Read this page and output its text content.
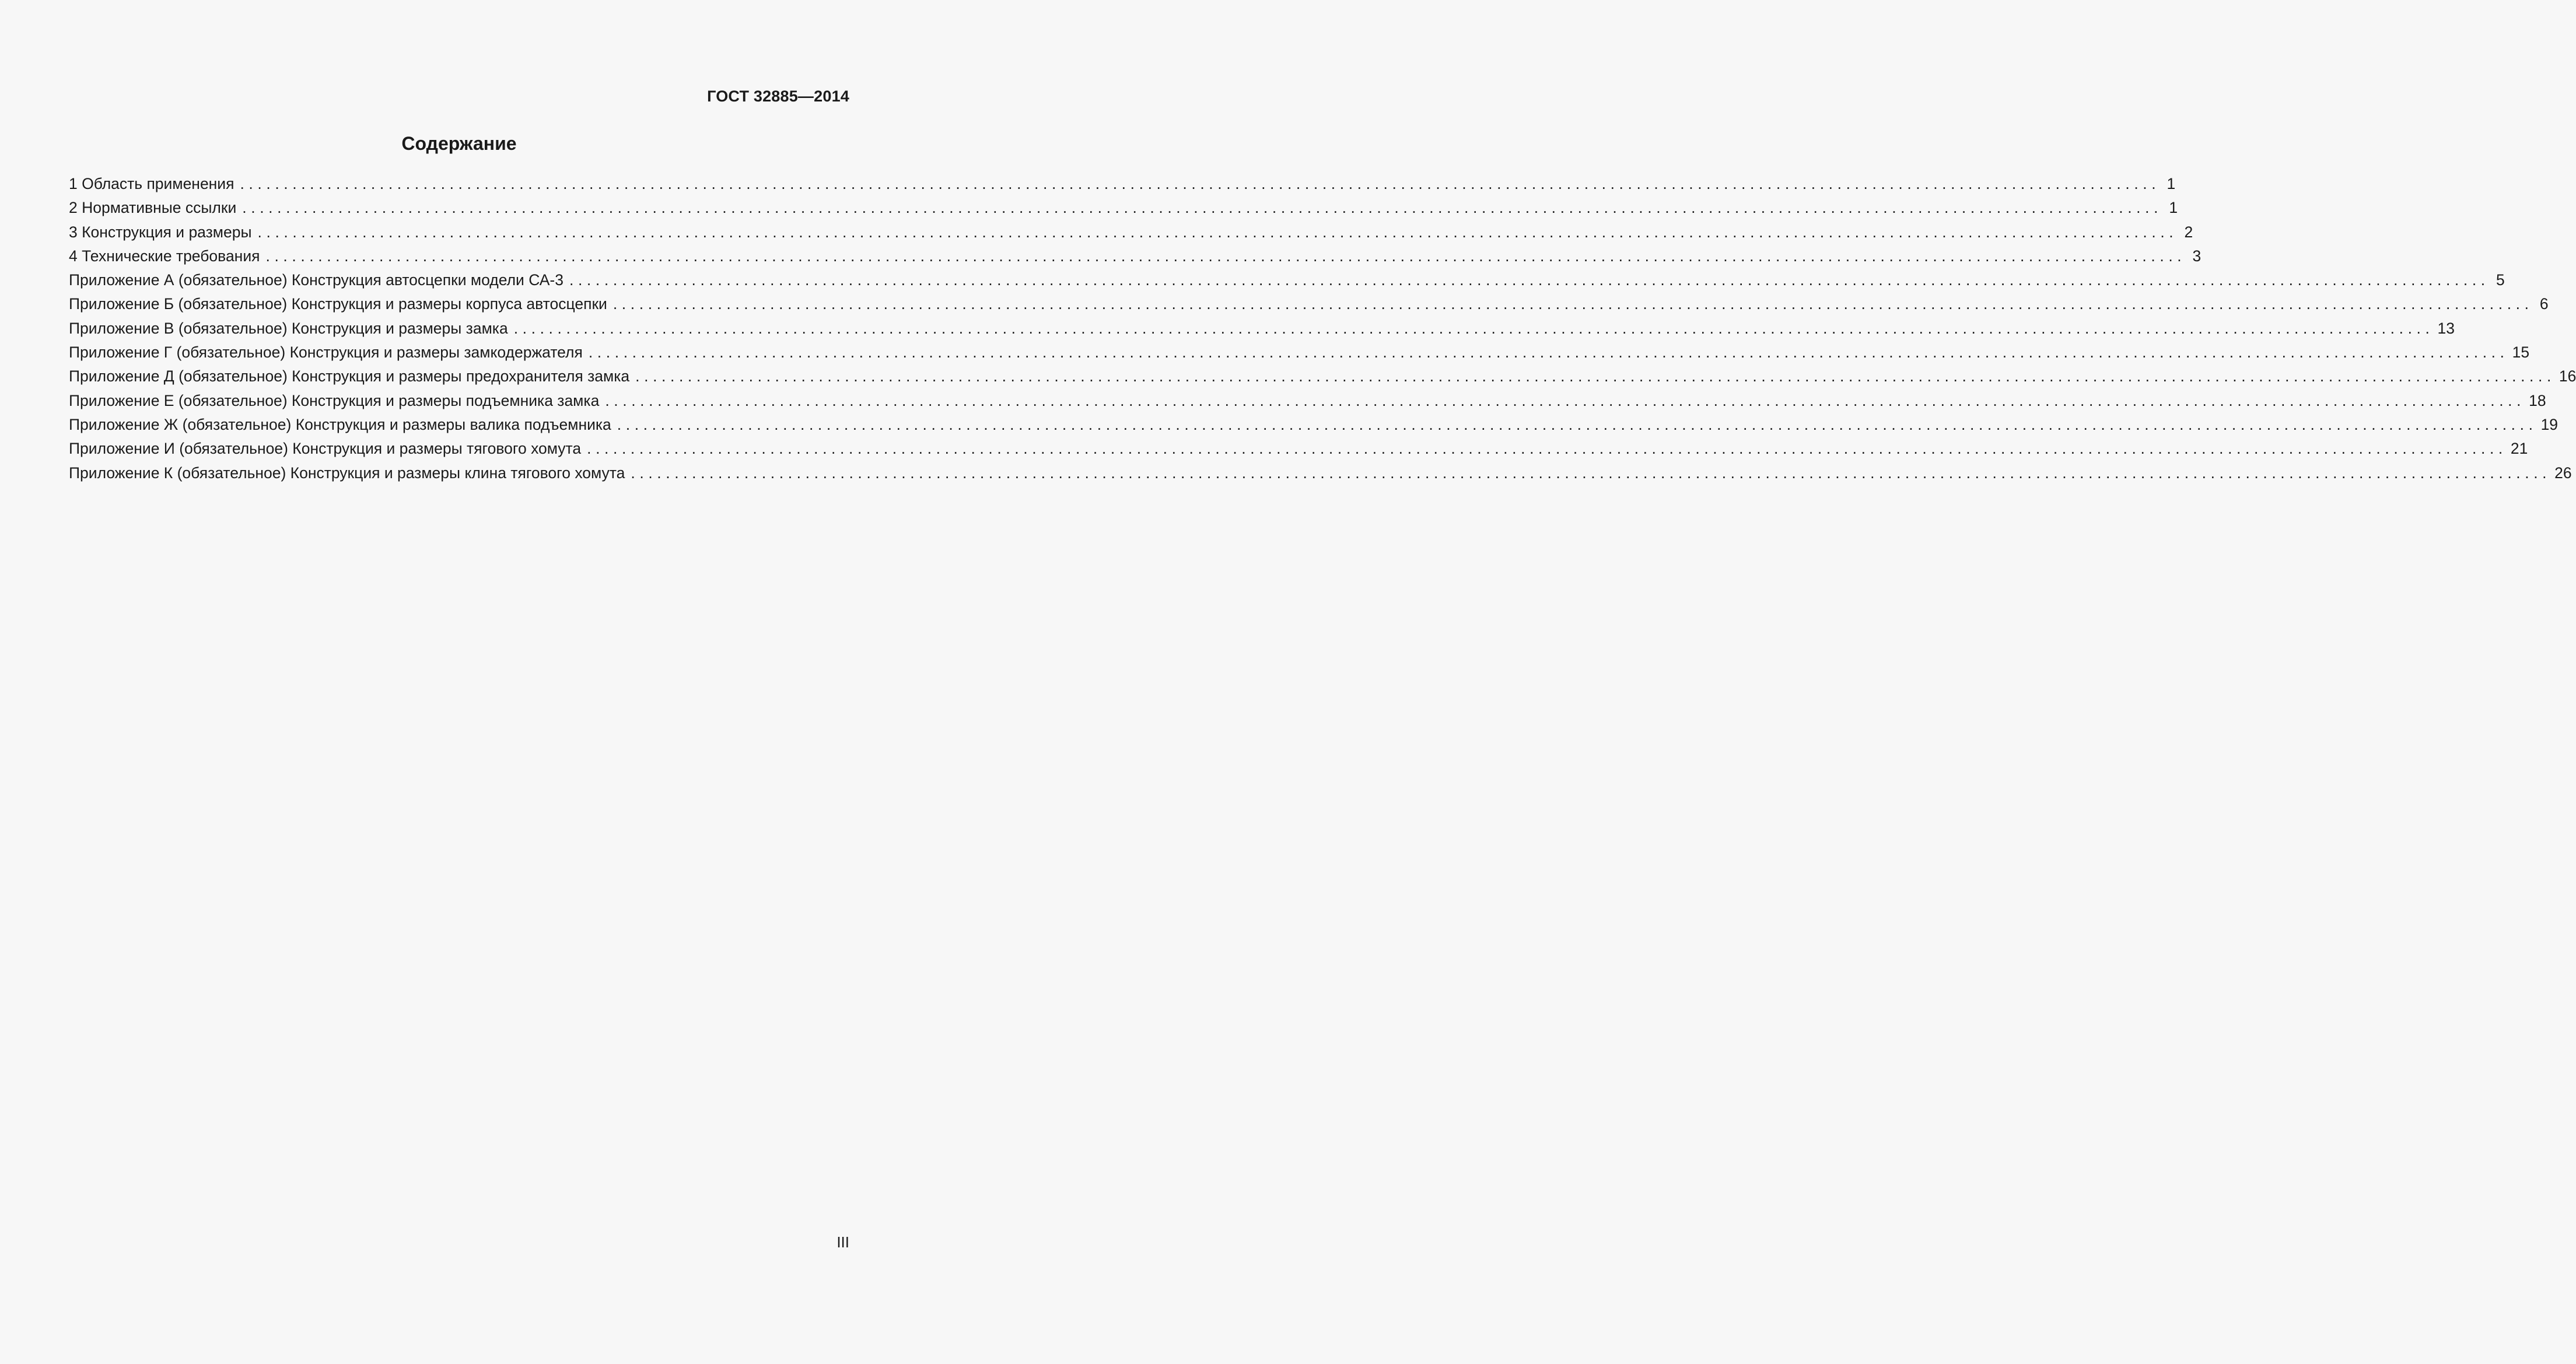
ГОСТ 32885—2014
Содержание
1 Область применения ............................................................................................................................................................................................................................ 1
2 Нормативные ссылки ............................................................................................................................................................................................................................ 1
3 Конструкция и размеры ............................................................................................................................................................................................................................ 2
4 Технические требования ............................................................................................................................................................................................................................ 3
Приложение А (обязательное) Конструкция автосцепки модели СА-3 ............................................................................................................................................................................................................................ 5
Приложение Б (обязательное) Конструкция и размеры корпуса автосцепки ............................................................................................................................................................................................................................ 6
Приложение В (обязательное) Конструкция и размеры замка ............................................................................................................................................................................................................................ 13
Приложение Г (обязательное) Конструкция и размеры замкодержателя ............................................................................................................................................................................................................................ 15
Приложение Д (обязательное) Конструкция и размеры предохранителя замка ............................................................................................................................................................................................................................ 16
Приложение Е (обязательное) Конструкция и размеры подъемника замка ............................................................................................................................................................................................................................ 18
Приложение Ж (обязательное) Конструкция и размеры валика подъемника ............................................................................................................................................................................................................................ 19
Приложение И (обязательное) Конструкция и размеры тягового хомута ............................................................................................................................................................................................................................ 21
Приложение К (обязательное) Конструкция и размеры клина тягового хомута ............................................................................................................................................................................................................................ 26
III
